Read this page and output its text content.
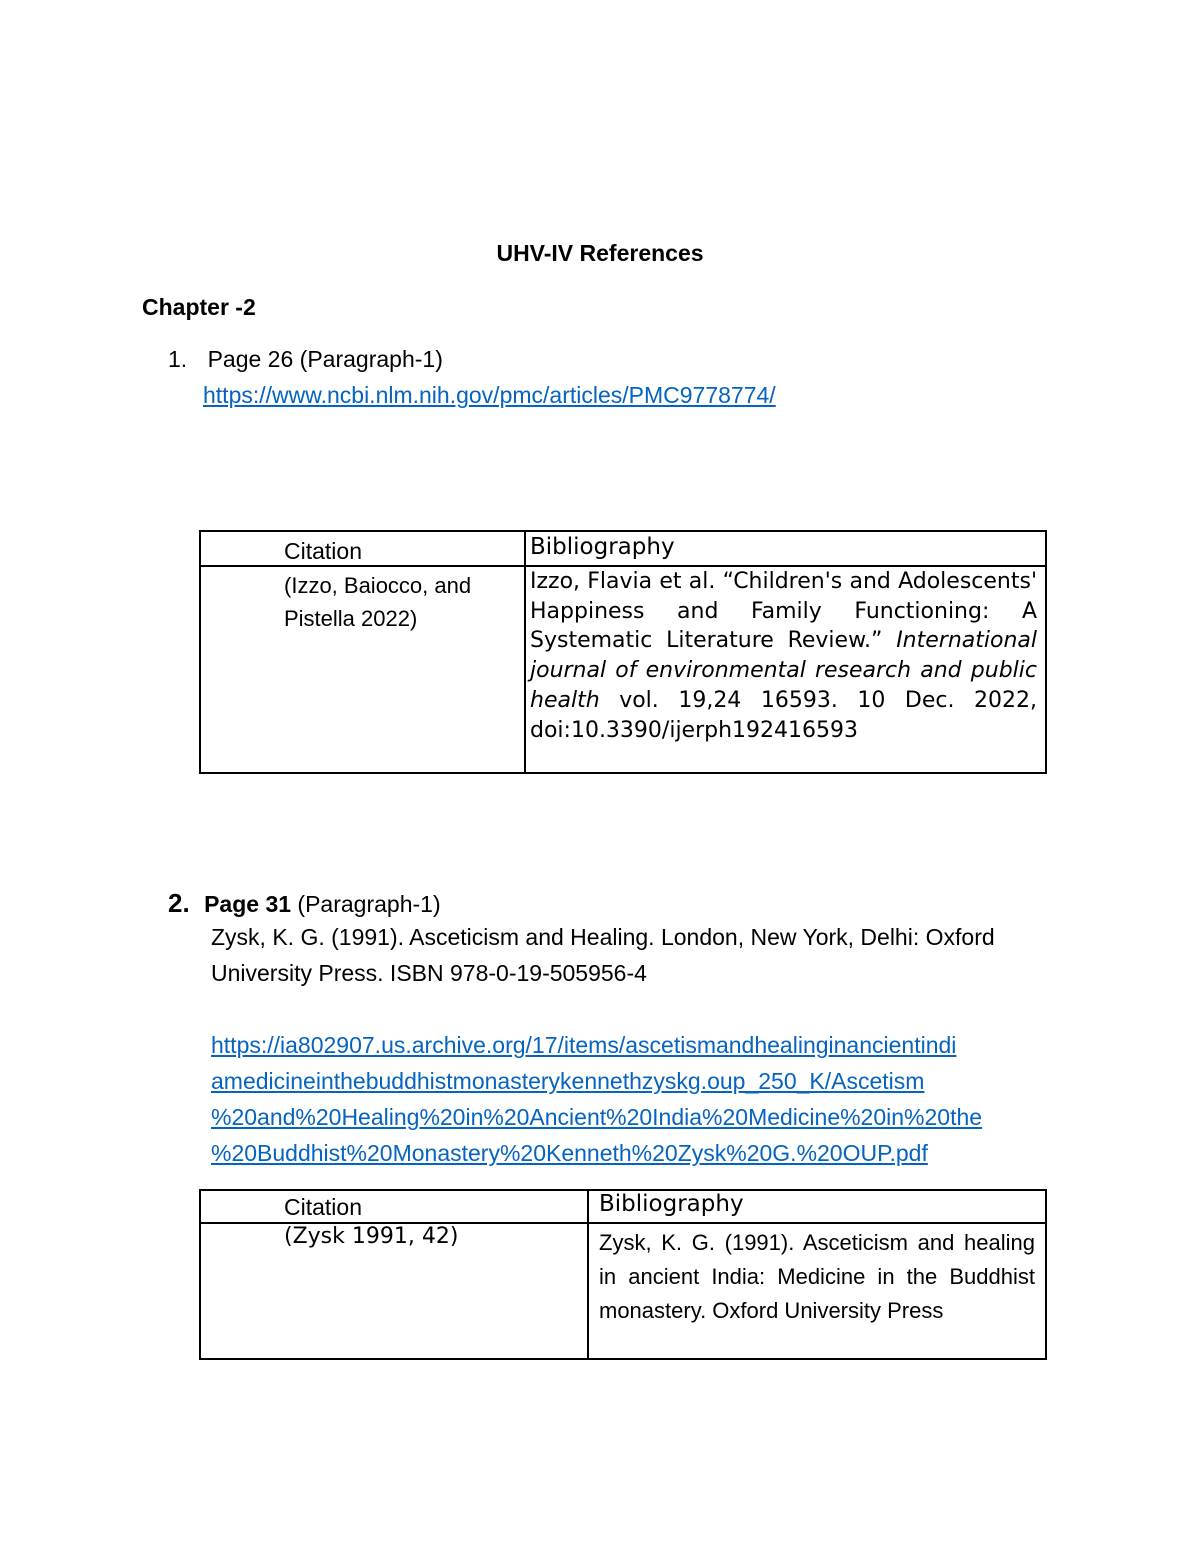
UHV-IV References
Chapter -2
1. Page 26 (Paragraph-1)
https://www.ncbi.nlm.nih.gov/pmc/articles/PMC9778774/
Citation	Bibliography

(Izzo, Baiocco, and Pistella 2022)	Izzo, Flavia et al. “Children's and Adolescents' Happiness and Family Functioning: A Systematic Literature Review.” International journal of environmental research and public health vol. 19,24 16593. 10 Dec. 2022, doi:10.3390/ijerph192416593
2. Page 31 (Paragraph-1)
Zysk, K. G. (1991). Asceticism and Healing. London, New York, Delhi: Oxford University Press. ISBN 978-0-19-505956-4
https://ia802907.us.archive.org/17/items/ascetismandhealinginancientindi
amedicineinthebuddhistmonasterykennethzyskg.oup_250_K/Ascetism
%20and%20Healing%20in%20Ancient%20India%20Medicine%20in%20the
%20Buddhist%20Monastery%20Kenneth%20Zysk%20G.%20OUP.pdf
Citation	Bibliography

(Zysk 1991, 42)	Zysk, K. G. (1991). Asceticism and healing in ancient India: Medicine in the Buddhist monastery. Oxford University Press
